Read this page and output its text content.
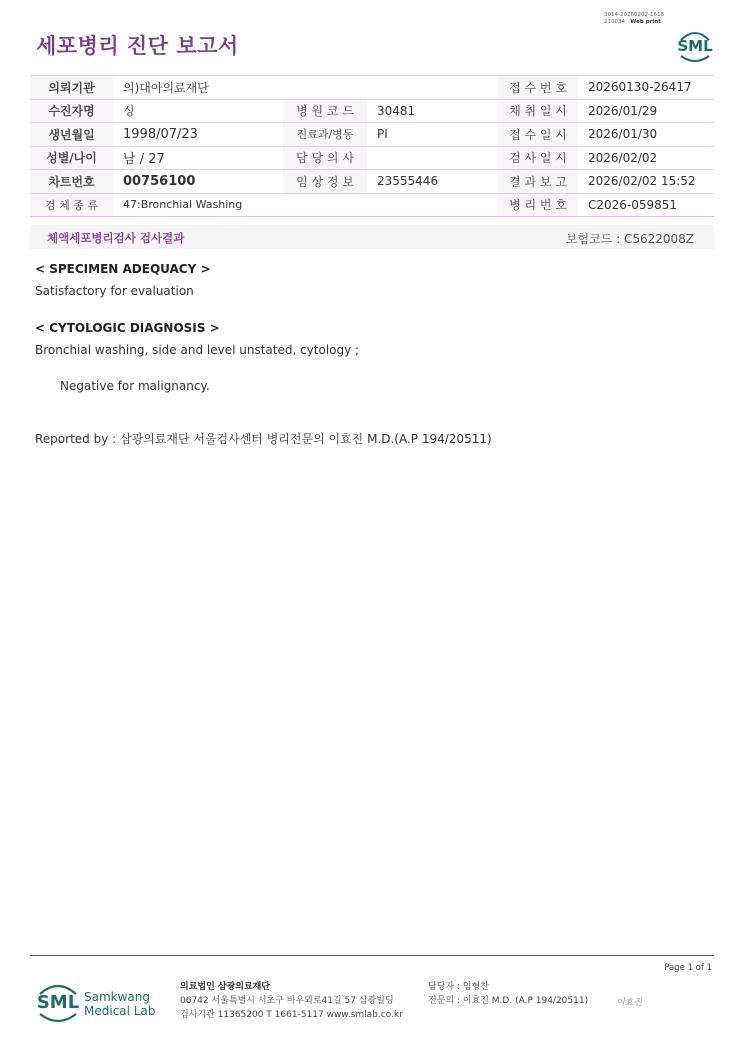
세포병리 진단 보고서
3014-20260202-1618
210034 Web print
SML
의뢰기관	의)대아의료재단			접 수 번 호	20260130-26417
수진자명	싱	병 원 코 드	30481	채 취 일 시	2026/01/29
생년월일	1998/07/23	진료과/병동	PI	접 수 일 시	2026/01/30
성별/나이	남 / 27	담 당 의 사		검 사 일 시	2026/02/02
차트번호	00756100	임 상 정 보	23555446	결 과 보 고	2026/02/02 15:52
검 체 종 류	47:Bronchial Washing			병 리 번 호	C2026-059851
체액세포병리검사 검사결과	보험코드 : C5622008Z
< SPECIMEN ADEQUACY >
Satisfactory for evaluation
< CYTOLOGIC DIAGNOSIS >
Bronchial washing, side and level unstated, cytology ;
Negative for malignancy.
Reported by : 삼광의료재단 서울검사센터 병리전문의 이효진 M.D.(A.P 194/20511)
Page 1 of 1
SML Samkwang
Medical Lab
의료법인 삼광의료재단
06742 서울특별시 서초구 바우뫼로41길 57 삼광빌딩
검사기관 11365200 T 1661-5117 www.smlab.co.kr
담당자 : 임형찬
전문의 : 이효진 M.D. (A.P 194/20511)	이효진
